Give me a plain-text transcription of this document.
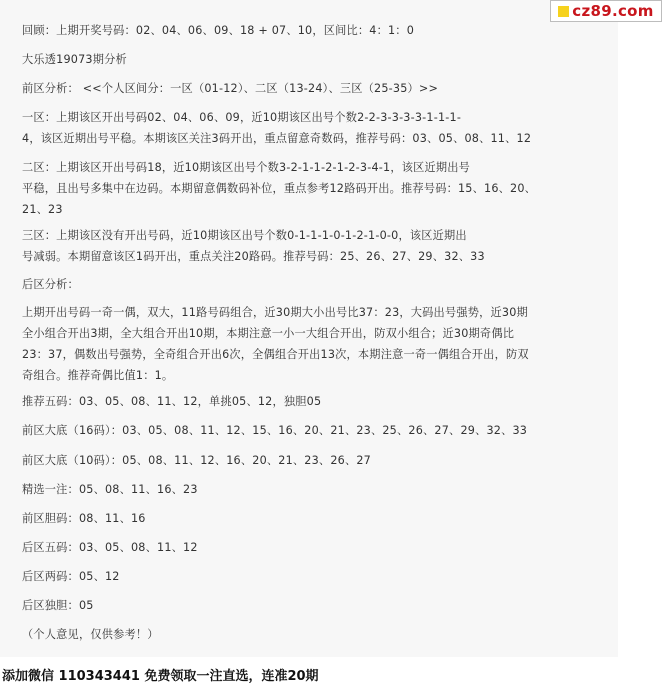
回顾：上期开奖号码：02、04、06、09、18 + 07、10，区间比：4：1：0
大乐透19073期分析
前区分析： <<个人区间分：一区（01-12）、二区（13-24）、三区（25-35）>>
一区：上期该区开出号码02、04、06、09，近10期该区出号个数2-2-3-3-3-3-1-1-1-
4，该区近期出号平稳。本期该区关注3码开出，重点留意奇数码，推荐号码：03、05、08、11、12
二区：上期该区开出号码18，近10期该区出号个数3-2-1-1-2-1-2-3-4-1，该区近期出号
平稳，且出号多集中在边码。本期留意偶数码补位，重点参考12路码开出。推荐号码：15、16、20、
21、23
三区：上期该区没有开出号码，近10期该区出号个数0-1-1-1-0-1-2-1-0-0，该区近期出
号减弱。本期留意该区1码开出，重点关注20路码。推荐号码：25、26、27、29、32、33
后区分析：
上期开出号码一奇一偶，双大，11路号码组合，近30期大小出号比37：23，大码出号强势，近30期
全小组合开出3期，全大组合开出10期，本期注意一小一大组合开出，防双小组合；近30期奇偶比
23：37，偶数出号强势，全奇组合开出6次，全偶组合开出13次，本期注意一奇一偶组合开出，防双
奇组合。推荐奇偶比值1：1。
推荐五码：03、05、08、11、12，单挑05、12，独胆05
前区大底（16码）：03、05、08、11、12、15、16、20、21、23、25、26、27、29、32、33
前区大底（10码）：05、08、11、12、16、20、21、23、26、27
精选一注：05、08、11、16、23
前区胆码：08、11、16
后区五码：03、05、08、11、12
后区两码：05、12
后区独胆：05
（个人意见，仅供参考！）
cz89.com
添加微信 110343441 免费领取一注直选，连准20期
